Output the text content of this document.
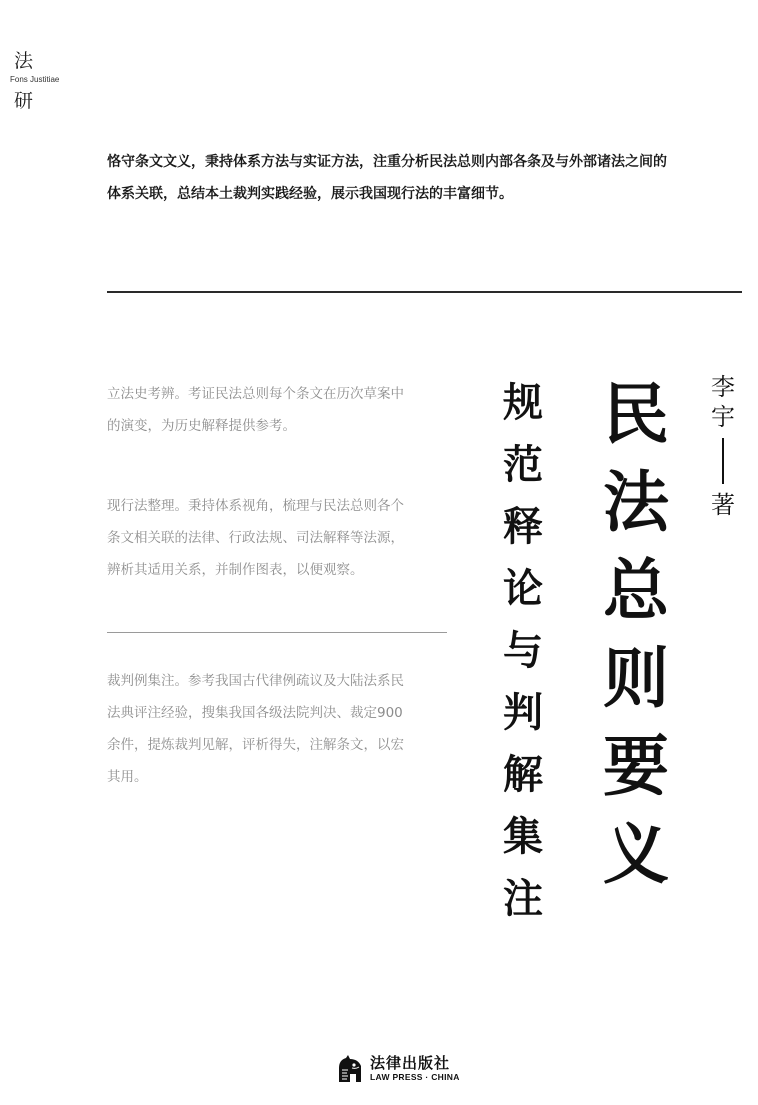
法
Fons Justitiae
研

恪守条文文义，秉持体系方法与实证方法，注重分析民法总则内部各条及与外部诸法之间的

体系关联，总结本土裁判实践经验，展示我国现行法的丰富细节。

立法史考辨。考证民法总则每个条文在历次草案中

的演变，为历史解释提供参考。

现行法整理。秉持体系视角，梳理与民法总则各个

条文相关联的法律、行政法规、司法解释等法源，

辨析其适用关系，并制作图表，以便观察。

裁判例集注。参考我国古代律例疏议及大陆法系民

法典评注经验，搜集我国各级法院判决、裁定900

余件，提炼裁判见解，评析得失，注解条文，以宏

其用。

规范释论与判解集注
民法总则要义
李
宇
著
法律出版社
LAW PRESS · CHINA
